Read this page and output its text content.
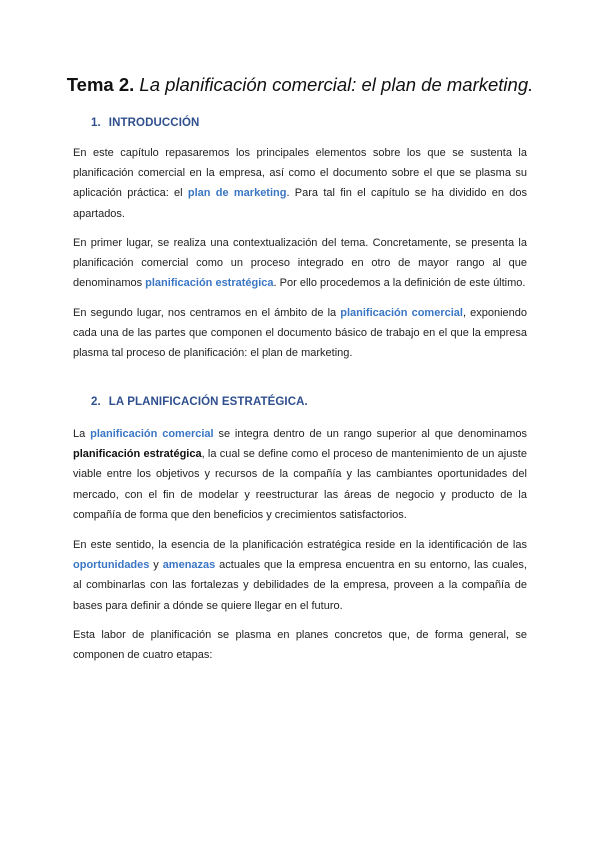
Tema 2. La planificación comercial: el plan de marketing.
1. INTRODUCCIÓN
En este capítulo repasaremos los principales elementos sobre los que se sustenta la planificación comercial en la empresa, así como el documento sobre el que se plasma su aplicación práctica: el plan de marketing. Para tal fin el capítulo se ha dividido en dos apartados.
En primer lugar, se realiza una contextualización del tema. Concretamente, se presenta la planificación comercial como un proceso integrado en otro de mayor rango al que denominamos planificación estratégica. Por ello procedemos a la definición de este último.
En segundo lugar, nos centramos en el ámbito de la planificación comercial, exponiendo cada una de las partes que componen el documento básico de trabajo en el que la empresa plasma tal proceso de planificación: el plan de marketing.
2. LA PLANIFICACIÓN ESTRATÉGICA.
La planificación comercial se integra dentro de un rango superior al que denominamos planificación estratégica, la cual se define como el proceso de mantenimiento de un ajuste viable entre los objetivos y recursos de la compañía y las cambiantes oportunidades del mercado, con el fin de modelar y reestructurar las áreas de negocio y producto de la compañía de forma que den beneficios y crecimientos satisfactorios.
En este sentido, la esencia de la planificación estratégica reside en la identificación de las oportunidades y amenazas actuales que la empresa encuentra en su entorno, las cuales, al combinarlas con las fortalezas y debilidades de la empresa, proveen a la compañía de bases para definir a dónde se quiere llegar en el futuro.
Esta labor de planificación se plasma en planes concretos que, de forma general, se componen de cuatro etapas:
